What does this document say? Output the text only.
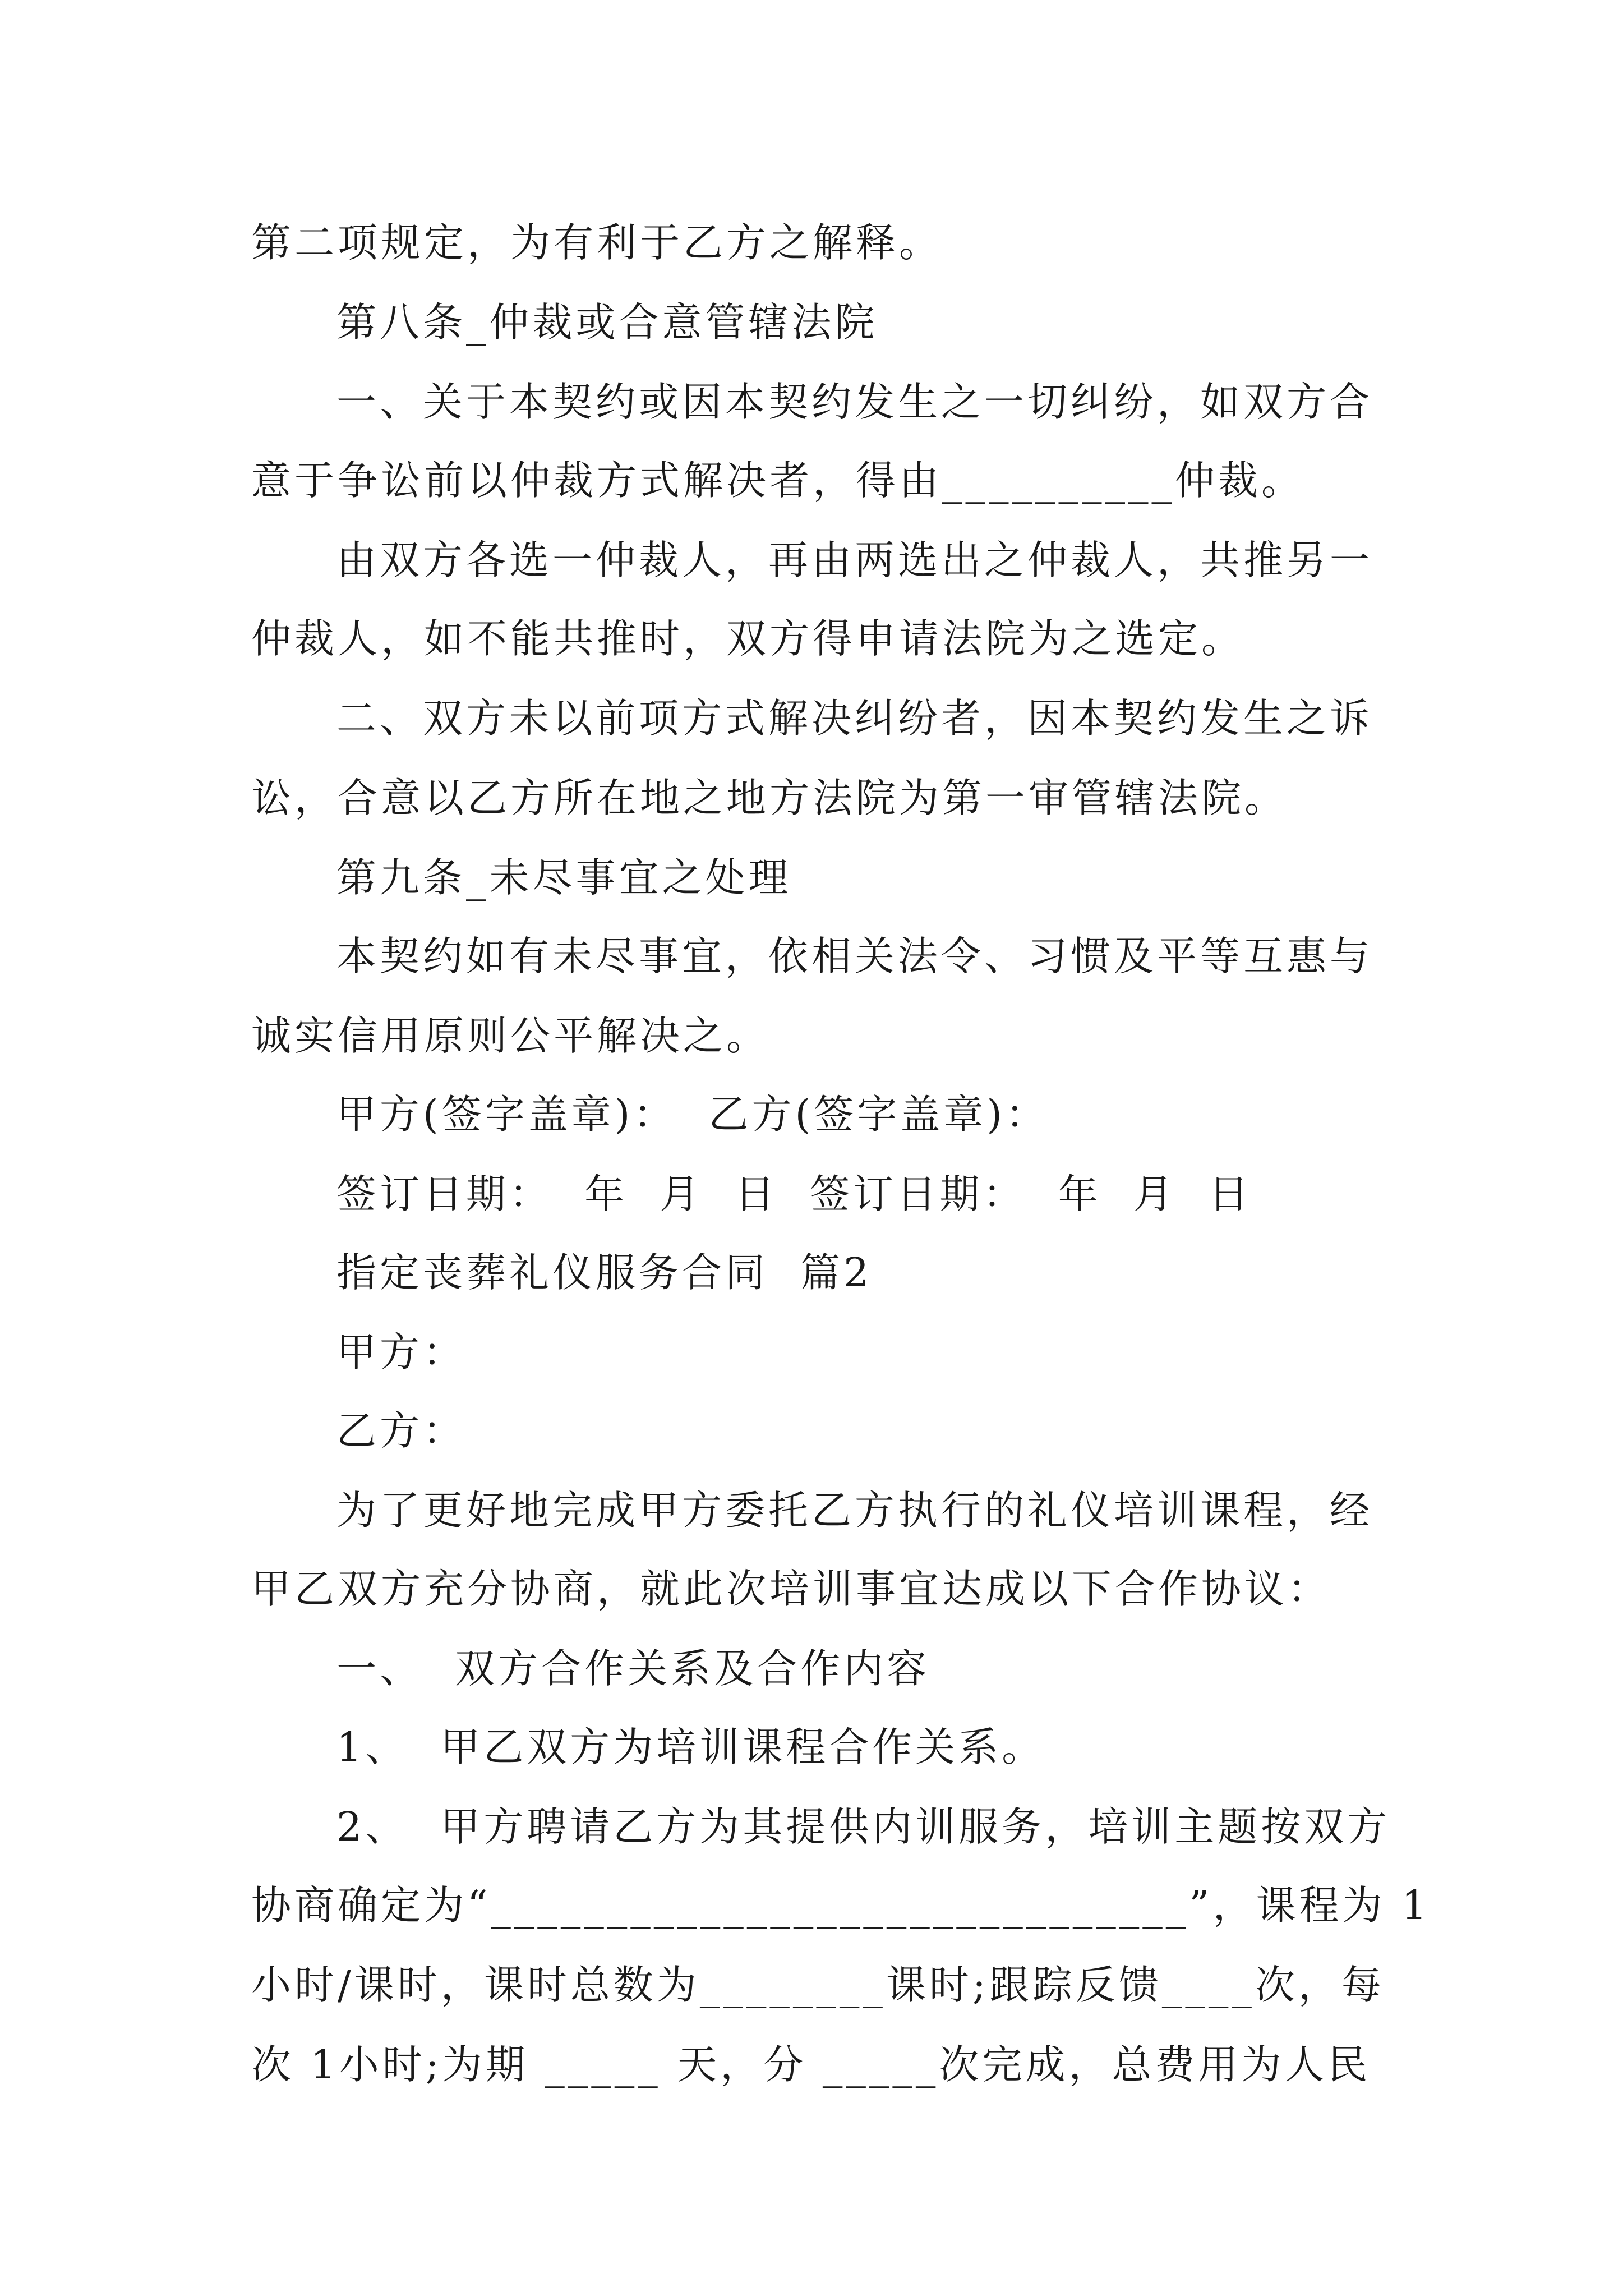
第二项规定，为有利于乙方之解释。

第八条_仲裁或合意管辖法院

一、关于本契约或因本契约发生之一切纠纷，如双方合

意于争讼前以仲裁方式解决者，得由__________仲裁。

由双方各选一仲裁人，再由两选出之仲裁人，共推另一

仲裁人，如不能共推时，双方得申请法院为之选定。

二、双方未以前项方式解决纠纷者，因本契约发生之诉

讼，合意以乙方所在地之地方法院为第一审管辖法院。

第九条_未尽事宜之处理

本契约如有未尽事宜，依相关法令、习惯及平等互惠与

诚实信用原则公平解决之。

甲方(签字盖章)：  乙方(签字盖章)：

签订日期：  年  月  日  签订日期：  年  月  日

指定丧葬礼仪服务合同  篇2

甲方：

乙方：

为了更好地完成甲方委托乙方执行的礼仪培训课程，经

甲乙双方充分协商，就此次培训事宜达成以下合作协议：

一、  双方合作关系及合作内容

1、  甲乙双方为培训课程合作关系。

2、  甲方聘请乙方为其提供内训服务，培训主题按双方

协商确定为“______________________________”，课程为 1

小时/课时，课时总数为________课时;跟踪反馈____次，每

次 1小时;为期 _____ 天，分 _____次完成，总费用为人民
